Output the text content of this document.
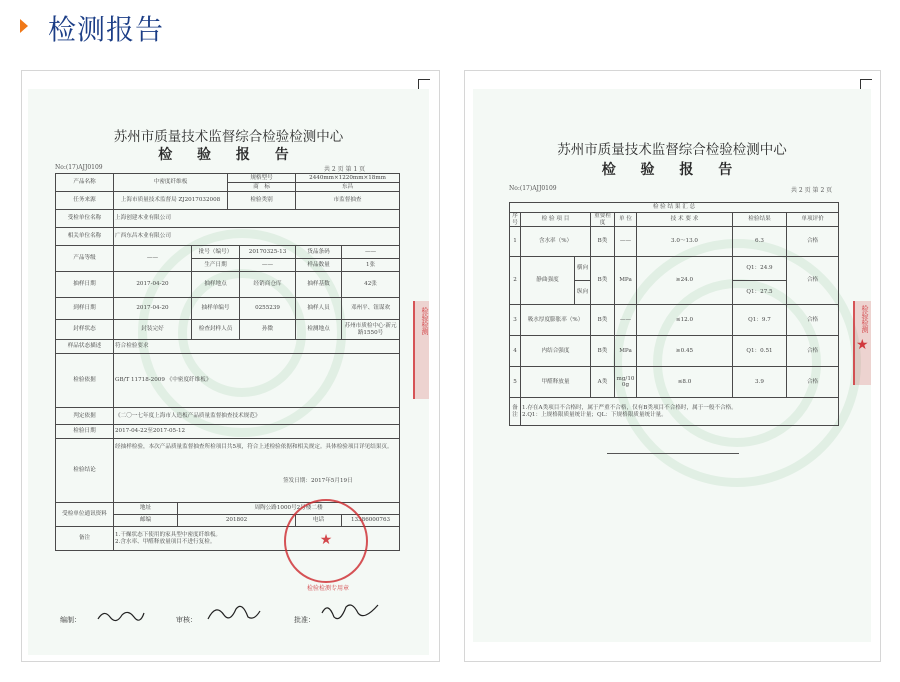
检测报告
苏州市质量技术监督综合检验检测中心
检 验 报 告
No:(17)AJJ0109	共 2 页 第 1 页
产品名称	中密度纤维板			规格型号		2440mm×1220mm×18mm	
				商　标		东昌	
任务来源	上海市质量技术监督局 ZJ2017032008			检验类别		市监督抽查	
受检单位名称	上海创建木业有限公司						
相关单位名称	广西东昌木业有限公司						
产品等级	——		批号（编号）		20170325-13	货品条码	——
			生产日期		——	样品数量	1张
抽样日期	2017-04-20		抽样地点		经销商仓库	抽样基数	42张
到样日期	2017-04-20		抽样单编号		0255239	抽样人员	邓州平、钮谋欢
封样状态	封装完好		检查封样人员		孙微	检测地点	苏州市质检中心·新元路1550号
样品状态描述	符合检验要求						
检验依据	GB/T 11718-2009 《中密度纤维板》						
判定依据	《二〇一七年度上海市人造板产品质量监督抽查技术规范》						
检验日期	2017-04-22至2017-05-12						
检验结论	经抽样检验，本次产品质量监督抽查所检项目共5项，符合上述检验依据和相关规定。具体检验项目详见结果页。
签发日期：2017年5月19日						

受检单位通讯资料	地址	周陶公路1000号2号楼二楼					
	邮编	201802				电话	13386000763
备注	1.干燥状态下使用的家具型中密度纤维板。
2.含水率、甲醛释放量项目不进行复检。							★
检验检测专用章
检验检测
编制：	审核：	批准：
苏州市质量技术监督综合检验检测中心
检 验 报 告
No:(17)AJJ0109	共 2 页 第 2 页
检 验 结 果 汇 总							
序号	检 验 项 目		重要程度	单 位	技 术 要 求	检验结果	单项评价
1	含水率（%）		B类	——	3.0～13.0	6.3	合格
2	静曲强度	横向	B类	MPa	≥24.0	Q1：24.9	合格
		纵向				Q1：27.5	
3	吸水厚度膨胀率（%）		B类	——	≤12.0	Q1：9.7	合格
4	内结合强度		B类	MPa	≥0.45	Q1：0.51	合格
5	甲醛释放量		A类	mg/100g	≤8.0	3.9	合格
备注	1.存在A类项目不合格时，属于严重不合格，仅有B类项目不合格时，属于一般不合格。
2.Q1：上规格限质量统计量；QL：下规格限质量统计量。						
检验检测
★
